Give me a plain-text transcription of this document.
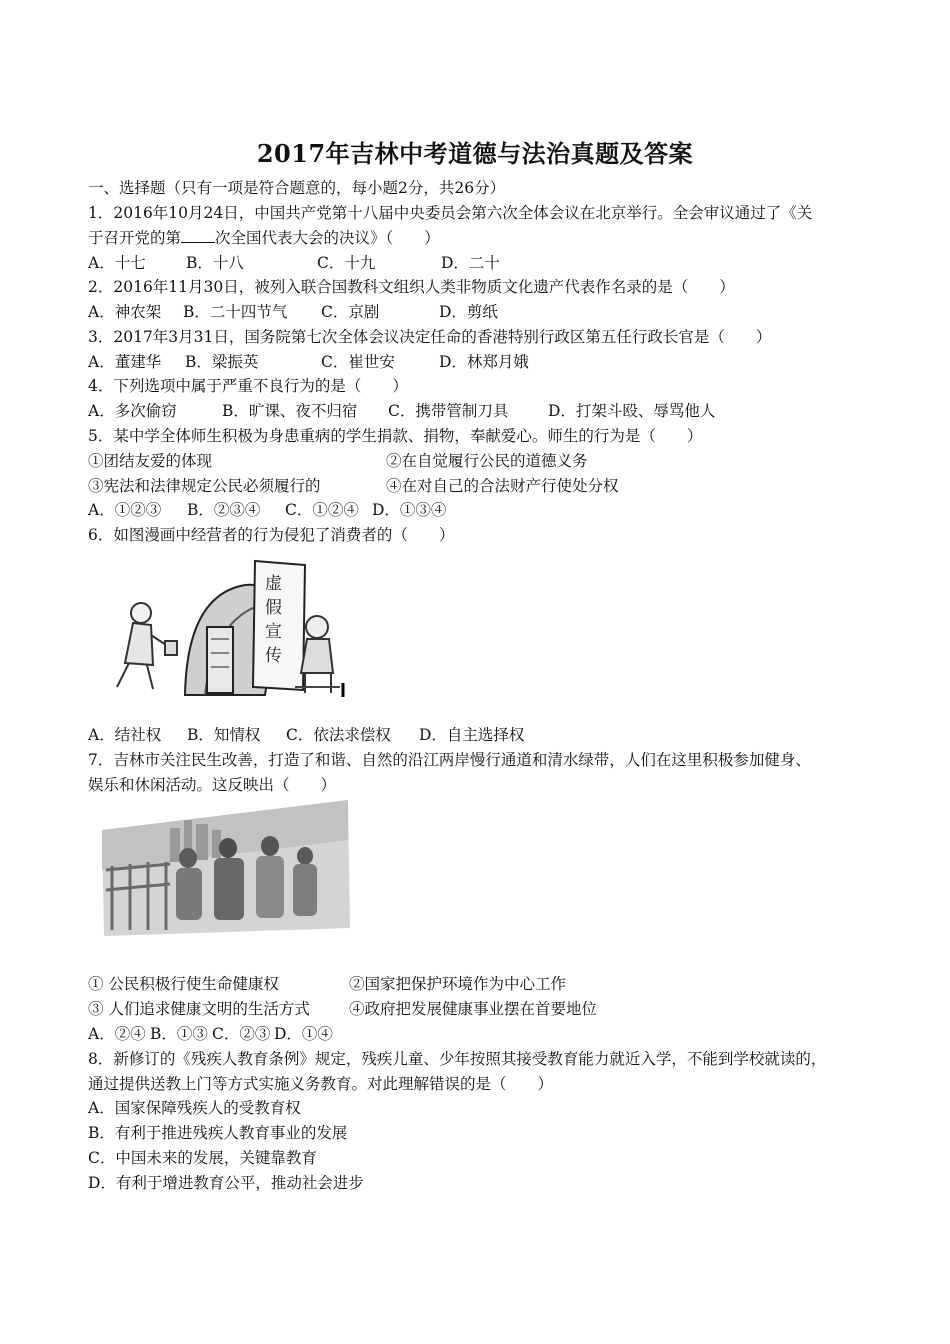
2017年吉林中考道德与法治真题及答案
一、选择题（只有一项是符合题意的，每小题2分，共26分）
1．2016年10月24日，中国共产党第十八届中央委员会第六次全体会议在北京举行。全会审议通过了《关
于召开党的第 次全国代表大会的决议》（　　）
A．十七	B．十八	C．十九	D．二十
2．2016年11月30日，被列入联合国教科文组织人类非物质文化遗产代表作名录的是（　　）
A．神农架 B．二十四节气 C．京剧	D．剪纸
3．2017年3月31日，国务院第七次全体会议决定任命的香港特别行政区第五任行政长官是（　　）
A．董建华 B．梁振英	C．崔世安	D．林郑月娥
4．下列选项中属于严重不良行为的是（　　）
A．多次偷窃	B．旷课、夜不归宿 C．携带管制刀具	D．打架斗殴、辱骂他人
5．某中学全体师生积极为身患重病的学生捐款、捐物，奉献爱心。师生的行为是（　　）
①团结友爱的体现	②在自觉履行公民的道德义务
③宪法和法律规定公民必须履行的	④在对自己的合法财产行使处分权
A．①②③ B．②③④ C．①②④ D．①③④
6．如图漫画中经营者的行为侵犯了消费者的（　　）
虚
假
宣
传
A．结社权 B．知情权 C．依法求偿权 D．自主选择权
7．吉林市关注民生改善，打造了和谐、自然的沿江两岸慢行通道和清水绿带，人们在这里积极参加健身、
娱乐和休闲活动。这反映出（　　）
① 公民积极行使生命健康权	②国家把保护环境作为中心工作
③ 人们追求健康文明的生活方式	④政府把发展健康事业摆在首要地位
A．②④ B．①③ C．②③ D．①④
8．新修订的《残疾人教育条例》规定，残疾儿童、少年按照其接受教育能力就近入学，不能到学校就读的，
通过提供送教上门等方式实施义务教育。对此理解错误的是（　　）
A．国家保障残疾人的受教育权
B．有利于推进残疾人教育事业的发展
C．中国未来的发展，关键靠教育
D．有利于增进教育公平，推动社会进步
